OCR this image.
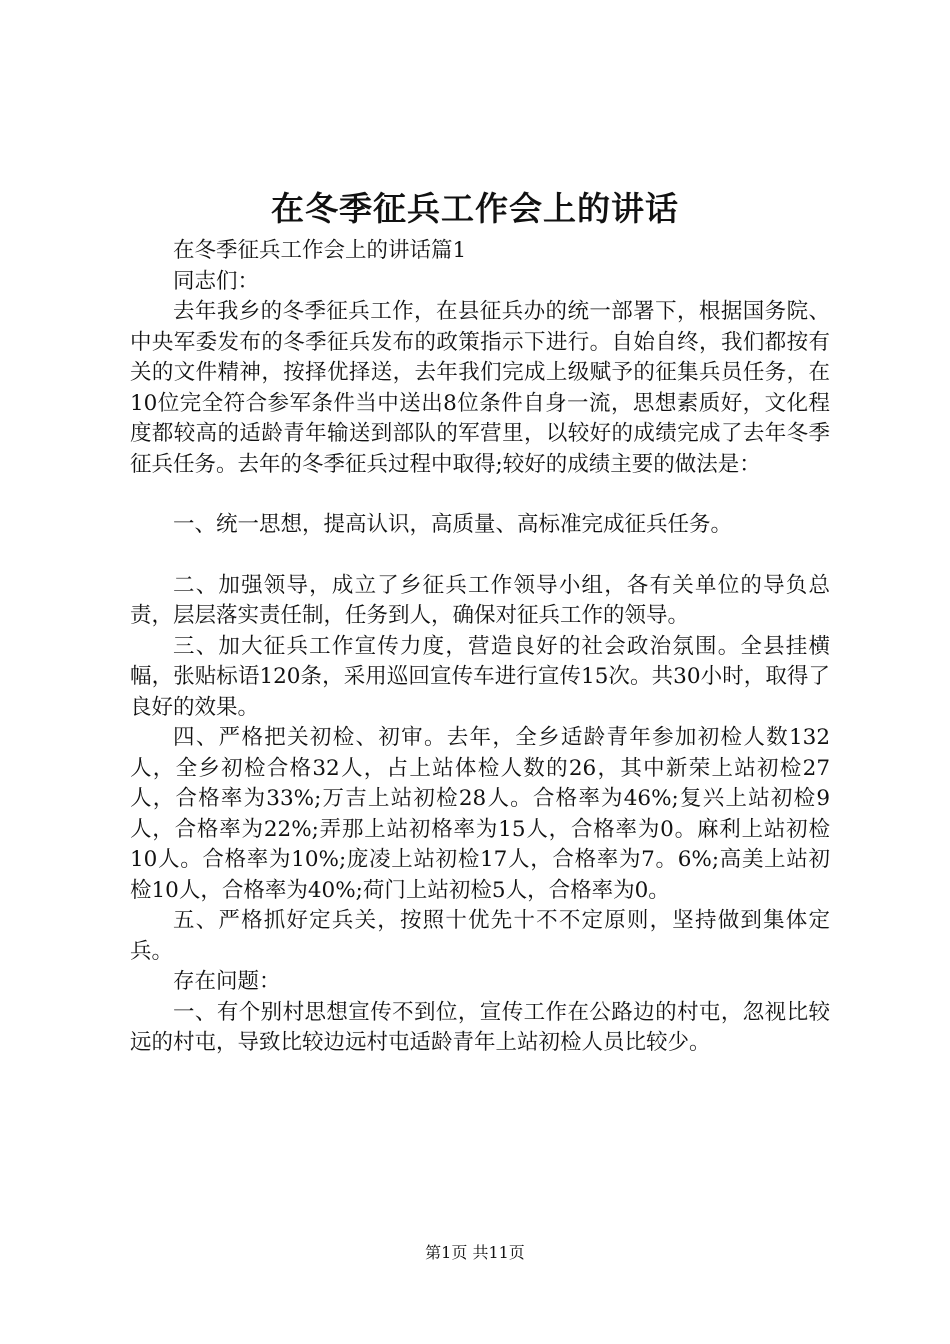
在冬季征兵工作会上的讲话

在冬季征兵工作会上的讲话篇1

同志们：

去年我乡的冬季征兵工作，在县征兵办的统一部署下，根据国务院、中央军委发布的冬季征兵发布的政策指示下进行。自始自终，我们都按有关的文件精神，按择优择送，去年我们完成上级赋予的征集兵员任务，在10位完全符合参军条件当中送出8位条件自身一流，思想素质好，文化程度都较高的适龄青年输送到部队的军营里，以较好的成绩完成了去年冬季征兵任务。去年的冬季征兵过程中取得;较好的成绩主要的做法是：

一、统一思想，提高认识，高质量、高标准完成征兵任务。

二、加强领导，成立了乡征兵工作领导小组，各有关单位的导负总责，层层落实责任制，任务到人，确保对征兵工作的领导。

三、加大征兵工作宣传力度，营造良好的社会政治氛围。全县挂横幅，张贴标语120条，采用巡回宣传车进行宣传15次。共30小时，取得了良好的效果。

四、严格把关初检、初审。去年，全乡适龄青年参加初检人数132人，全乡初检合格32人，占上站体检人数的26，其中新荣上站初检27人，合格率为33%;万吉上站初检28人。合格率为46%;复兴上站初检9人，合格率为22%;弄那上站初格率为15人，合格率为0。麻利上站初检10人。合格率为10%;庞凌上站初检17人，合格率为7。6%;高美上站初检10人，合格率为40%;荷门上站初检5人，合格率为0。

五、严格抓好定兵关，按照十优先十不不定原则，坚持做到集体定兵。

存在问题：

一、有个别村思想宣传不到位，宣传工作在公路边的村屯，忽视比较远的村屯，导致比较边远村屯适龄青年上站初检人员比较少。

第1页 共11页
